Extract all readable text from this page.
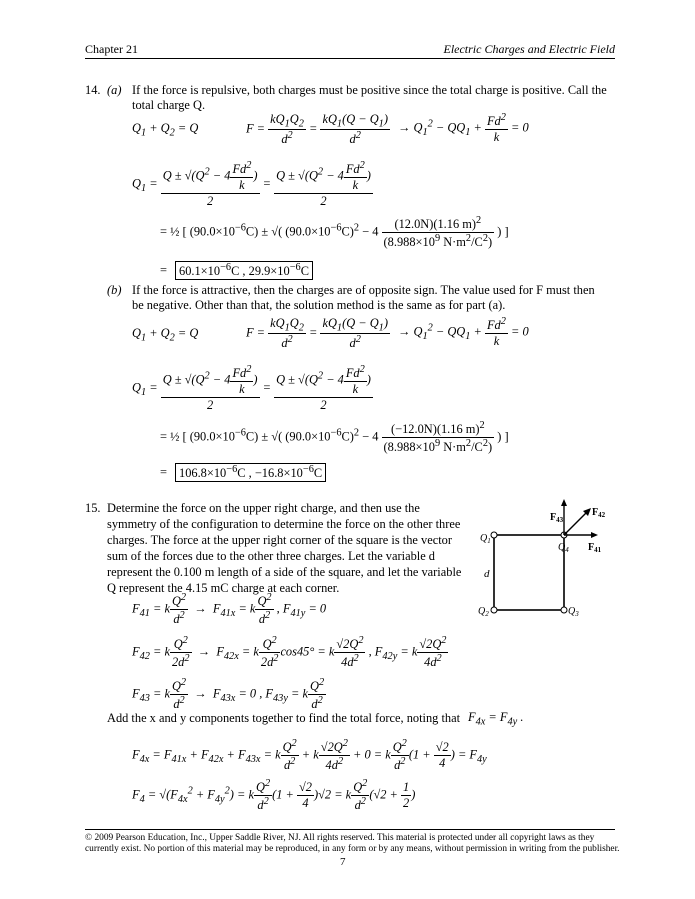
Chapter 21	Electric Charges and Electric Field
14. (a) If the force is repulsive, both charges must be positive since the total charge is positive. Call the
total charge Q.
$Q_1 + Q_2 = Q$	$F = \frac{kQ_1Q_2}{d^2} = \frac{kQ_1(Q - Q_1)}{d^2} \to Q_1^2 - QQ_1 + \frac{Fd^2}{k} = 0$
$Q_1 = \frac{Q \pm √(Q^2 - 4 \frac{Fd^2}{k} )}{2} = \frac{Q \pm √(Q^2 - 4 \frac{Fd^2}{k} )}{2}$
= ½ [ $(90.0\times 10^{-6}C)$ ± √( $(90.0\times 10^{-6}C)^2 - 4 \frac{(12.0N)(1.16 m)^2}{(8.988\times 10^9 N\cdot m^2/C^2)}$ ) ]
= $60.1\times 10^{-6}C$ , $29.9\times 10^{-6}C$
(b) If the force is attractive, then the charges are of opposite sign. The value used for F must then
be negative. Other than that, the solution method is the same as for part (a).
$Q_1 + Q_2 = Q$	$F = \frac{kQ_1Q_2}{d^2} = \frac{kQ_1(Q - Q_1)}{d^2} \to Q_1^2 - QQ_1 + \frac{Fd^2}{k} = 0$
$Q_1 = \frac{Q \pm √(Q^2 - 4 \frac{Fd^2}{k} )}{2} = \frac{Q \pm √(Q^2 - 4 \frac{Fd^2}{k} )}{2}$
= ½ [ $(90.0\times 10^{-6}C)$ ± √( $(90.0\times 10^{-6}C)^2 - 4 \frac{(-12.0N)(1.16 m)^2}{(8.988\times 10^9 N\cdot m^2/C^2)}$ ) ]
= $106.8\times 10^{-6}C$ , $-16.8\times 10^{-6}C$
15. Determine the force on the upper right charge, and then use the
symmetry of the configuration to determine the force on the other three
charges. The force at the upper right corner of the square is the vector
sum of the forces due to the other three charges. Let the variable d
represent the 0.100 m length of a side of the square, and let the variable
Q represent the 4.15 mC charge at each corner.
$Q_1$
$Q_4$
$Q_2$	$Q_3$
d
$F_{43}$
$F_{42}$
$F_{41}$
$F_{41} = k \frac{Q^2}{d^2} \to F_{41x} = k \frac{Q^2}{d^2}$ , $F_{41y} = 0$
$F_{42} = k \frac{Q^2}{2d^2} \to F_{42x} = k \frac{Q^2}{2d^2} \cos 45^\circ = k \frac{√2Q^2}{4d^2}$ , $F_{42y} = k \frac{√2Q^2}{4d^2}$
$F_{43} = k \frac{Q^2}{d^2} \to F_{43x} = 0$ , $F_{43y} = k \frac{Q^2}{d^2}$
Add the x and y components together to find the total force, noting that $F_{4x} = F_{4y}$ .
$F_{4x} = F_{41x} + F_{42x} + F_{43x} = k \frac{Q^2}{d^2} + k \frac{√2Q^2}{4d^2} + 0 = k \frac{Q^2}{d^2} (1 + \frac{√2}{4}$ ) = $F_{4y}$
$F_4 = √(F_{4x}^2 + F_{4y}^2) = k \frac{Q^2}{d^2} (1 + \frac{√2}{4} )√2 = k \frac{Q^2}{d^2} (√2 + \frac{1}{2}$ )
© 2009 Pearson Education, Inc., Upper Saddle River, NJ. All rights reserved. This material is protected under all copyright laws as they
currently exist. No portion of this material may be reproduced, in any form or by any means, without permission in writing from the publisher.
7
